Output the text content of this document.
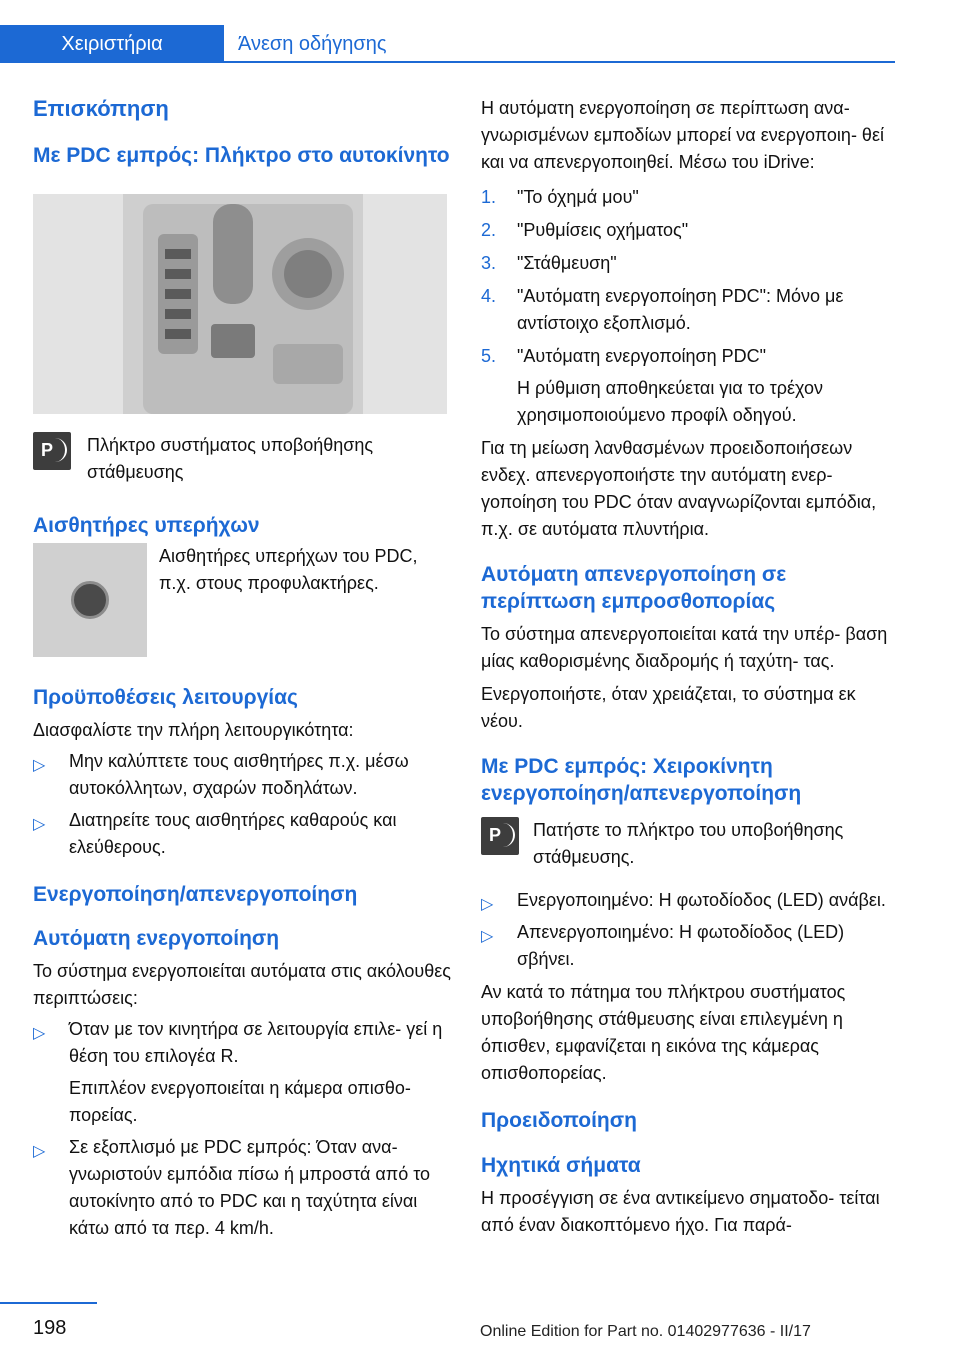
Χειριστήρια	Άνεση οδήγησης
Επισκόπηση
Με PDC εμπρός: Πλήκτρο στο αυτοκίνητο
P Πλήκτρο συστήματος υποβοήθησης στάθμευσης

Αισθητήρες υπερήχων

Αισθητήρες υπερήχων του PDC, π.χ. στους προφυλακτήρες.

Προϋποθέσεις λειτουργίας

Διασφαλίστε την πλήρη λειτουργικότητα:

▷ Μην καλύπτετε τους αισθητήρες π.χ. μέσω αυτοκόλλητων, σχαρών ποδηλάτων.
▷ Διατηρείτε τους αισθητήρες καθαρούς και ελεύθερους.
Ενεργοποίηση/απενεργοποίηση
Αυτόματη ενεργοποίηση

Το σύστημα ενεργοποιείται αυτόματα στις ακόλουθες περιπτώσεις:

▷ Όταν με τον κινητήρα σε λειτουργία επιλε- γεί η θέση του επιλογέα R.
Επιπλέον ενεργοποιείται η κάμερα οπισθο- πορείας.
▷ Σε εξοπλισμό με PDC εμπρός: Όταν ανα- γνωριστούν εμπόδια πίσω ή μπροστά από το αυτοκίνητο από το PDC και η ταχύτητα είναι κάτω από τα περ. 4 km/h.

Η αυτόματη ενεργοποίηση σε περίπτωση ανα- γνωρισμένων εμποδίων μπορεί να ενεργοποιη- θεί και να απενεργοποιηθεί. Μέσω του iDrive:

1. "Το όχημά μου"
2. "Ρυθμίσεις οχήματος"
3. "Στάθμευση"
4. "Αυτόματη ενεργοποίηση PDC": Μόνο με αντίστοιχο εξοπλισμό.
5. "Αυτόματη ενεργοποίηση PDC"
Η ρύθμιση αποθηκεύεται για το τρέχον χρησιμοποιούμενο προφίλ οδηγού.

Για τη μείωση λανθασμένων προειδοποιήσεων ενδεχ. απενεργοποιήστε την αυτόματη ενερ- γοποίηση του PDC όταν αναγνωρίζονται εμπόδια, π.χ. σε αυτόματα πλυντήρια.

Αυτόματη απενεργοποίηση σε περίπτωση εμπροσθοπορίας

Το σύστημα απενεργοποιείται κατά την υπέρ- βαση μίας καθορισμένης διαδρομής ή ταχύτη- τας.

Ενεργοποιήστε, όταν χρειάζεται, το σύστημα εκ νέου.

Με PDC εμπρός: Χειροκίνητη ενεργοποίηση/απενεργοποίηση
P Πατήστε το πλήκτρο του υποβοήθησης στάθμευσης.

▷ Ενεργοποιημένο: Η φωτοδίοδος (LED) ανάβει.
▷ Απενεργοποιημένο: Η φωτοδίοδος (LED) σβήνει.

Αν κατά το πάτημα του πλήκτρου συστήματος υποβοήθησης στάθμευσης είναι επιλεγμένη η όπισθεν, εμφανίζεται η εικόνα της κάμερας οπισθοπορείας.

Προειδοποίηση
Ηχητικά σήματα

Η προσέγγιση σε ένα αντικείμενο σηματοδο- τείται από έναν διακοπτόμενο ήχο. Για παρά-

198	Online Edition for Part no. 01402977636 - II/17
